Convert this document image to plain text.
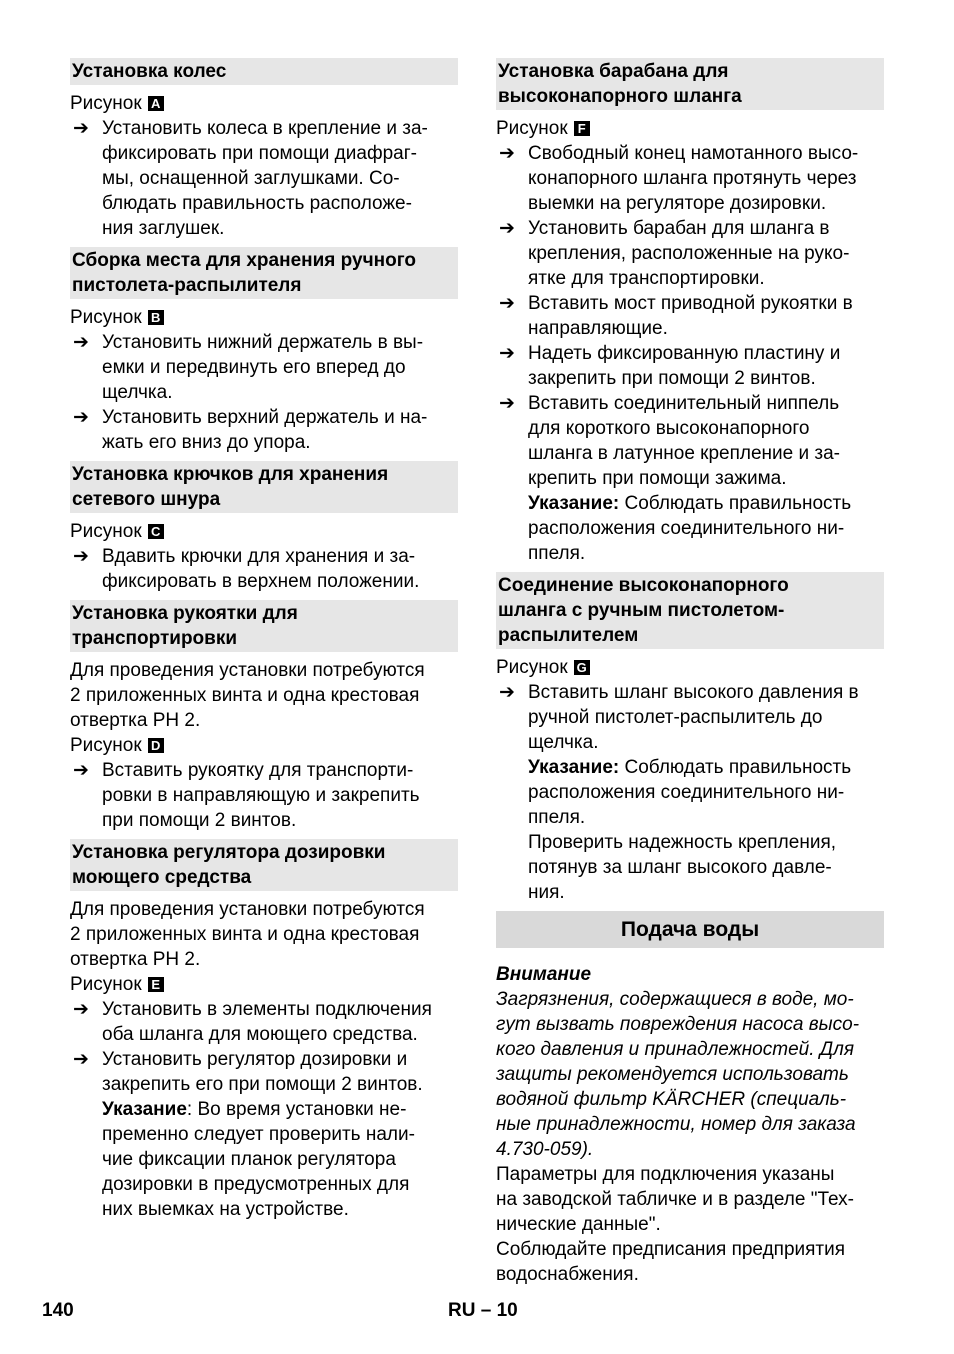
Установка колес
Рисунок A
➔ Установить колеса в крепление и за-
фиксировать при помощи диафраг-
мы, оснащенной заглушками. Со-
блюдать правильность расположе-
ния заглушек.
Сборка места для хранения ручного
пистолета-распылителя
Рисунок B
➔ Установить нижний держатель в вы-
емки и передвинуть его вперед до
щелчка.
➔ Установить верхний держатель и на-
жать его вниз до упора.
Установка крючков для хранения
сетевого шнура
Рисунок C
➔ Вдавить крючки для хранения и за-
фиксировать в верхнем положении.
Установка рукоятки для
транспортировки

Для проведения установки потребуются
2 приложенных винта и одна крестовая
отвертка PH 2.

Рисунок D
➔ Вставить рукоятку для транспорти-
ровки в направляющую и закрепить
при помощи 2 винтов.
Установка регулятора дозировки
моющего средства

Для проведения установки потребуются
2 приложенных винта и одна крестовая
отвертка PH 2.

Рисунок E
➔ Установить в элементы подключения
оба шланга для моющего средства.
➔ Установить регулятор дозировки и
закрепить его при помощи 2 винтов.
Указание: Во время установки не-
пременно следует проверить нали-
чие фиксации планок регулятора
дозировки в предусмотренных для
них выемках на устройстве.
Установка барабана для
высоконапорного шланга
Рисунок F
➔ Свободный конец намотанного высо-
конапорного шланга протянуть через
выемки на регуляторе дозировки.
➔ Установить барабан для шланга в
крепления, расположенные на руко-
ятке для транспортировки.
➔ Вставить мост приводной рукоятки в
направляющие.
➔ Надеть фиксированную пластину и
закрепить при помощи 2 винтов.
➔ Вставить соединительный ниппель
для короткого высоконапорного
шланга в латунное крепление и за-
крепить при помощи зажима.
Указание: Соблюдать правильность
расположения соединительного ни-
ппеля.
Соединение высоконапорного
шланга с ручным пистолетом-
распылителем
Рисунок G
➔ Вставить шланг высокого давления в
ручной пистолет-распылитель до
щелчка.
Указание: Соблюдать правильность
расположения соединительного ни-
ппеля.
Проверить надежность крепления,
потянув за шланг высокого давле-
ния.
Подача воды
Внимание

Загрязнения, содержащиеся в воде, мо-
гут вызвать повреждения насоса высо-
кого давления и принадлежностей. Для
защиты рекомендуется использовать
водяной фильтр KÄRCHER (специаль-
ные принадлежности, номер для заказа
4.730-059).

Параметры для подключения указаны
на заводской табличке и в разделе "Тех-
нические данные".

Соблюдайте предписания предприятия
водоснабжения.

140	RU – 10
